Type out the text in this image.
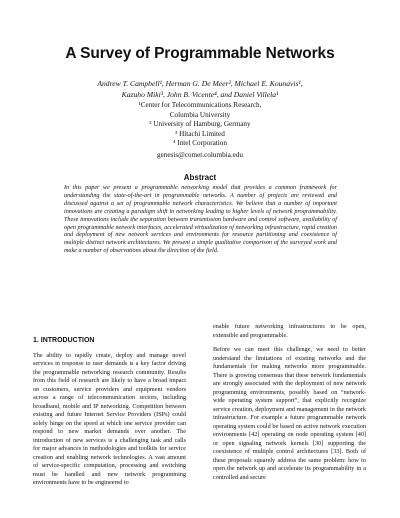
A Survey of Programmable Networks
Andrew T. Campbell¹, Herman G. De Meer², Michael E. Kounavis¹,
Kazuho Miki³, John B. Vicente⁴, and Daniel Villela¹
¹Center for Telecommunications Research,
Columbia University
² University of Hamburg, Germany
³ Hitachi Limited
⁴ Intel Corporation
genesis@comet.columbia.edu
Abstract
In this paper we present a programmable networking model that provides a common framework for understanding the state-of-the-art in programmable networks. A number of projects are reviewed and discussed against a set of programmable network characteristics. We believe that a number of important innovations are creating a paradigm shift in networking leading to higher levels of network programmability. These innovations include the separation between transmission hardware and control software, availability of open programmable network interfaces, accelerated virtualization of networking infrastructure, rapid creation and deployment of new network services and environments for resource partitioning and coexistence of multiple distinct network architectures. We present a simple qualitative comparison of the surveyed work and make a number of observations about the direction of the field.
1. INTRODUCTION

The ability to rapidly create, deploy and manage novel services in response to user demands is a key factor driving the programmable networking research community. Results from this field of research are likely to have a broad impact on customers, service providers and equipment vendors across a range of telecommunication sectors, including broadband, mobile and IP networking. Competition between existing and future Internet Service Providers (ISPs) could solely hinge on the speed at which one service provider can respond to new market demands over another. The introduction of new services is a challenging task and calls for major advances in methodologies and toolkits for service creation and enabling network technologies. A vast amount of service-specific computation, processing and switching must be handled and new network programming environments have to be engineered to

enable future networking infrastructures to be open, extensible and programmable.

Before we can meet this challenge, we need to better understand the limitations of existing networks and the fundamentals for making networks more programmable. There is growing consensus that these network fundamentals are strongly associated with the deployment of new network programming environments, possibly based on “network-wide operating system support”, that explicitly recognize service creation, deployment and management in the network infrastructure. For example a future programmable network operating system could be based on active network execution environments [42] operating on node operating system [40] or open signaling network kernels [30] supporting the coexistence of multiple control architectures [33]. Both of these proposals squarely address the same problem: how to open the network up and accelerate its programmability in a controlled and secure
